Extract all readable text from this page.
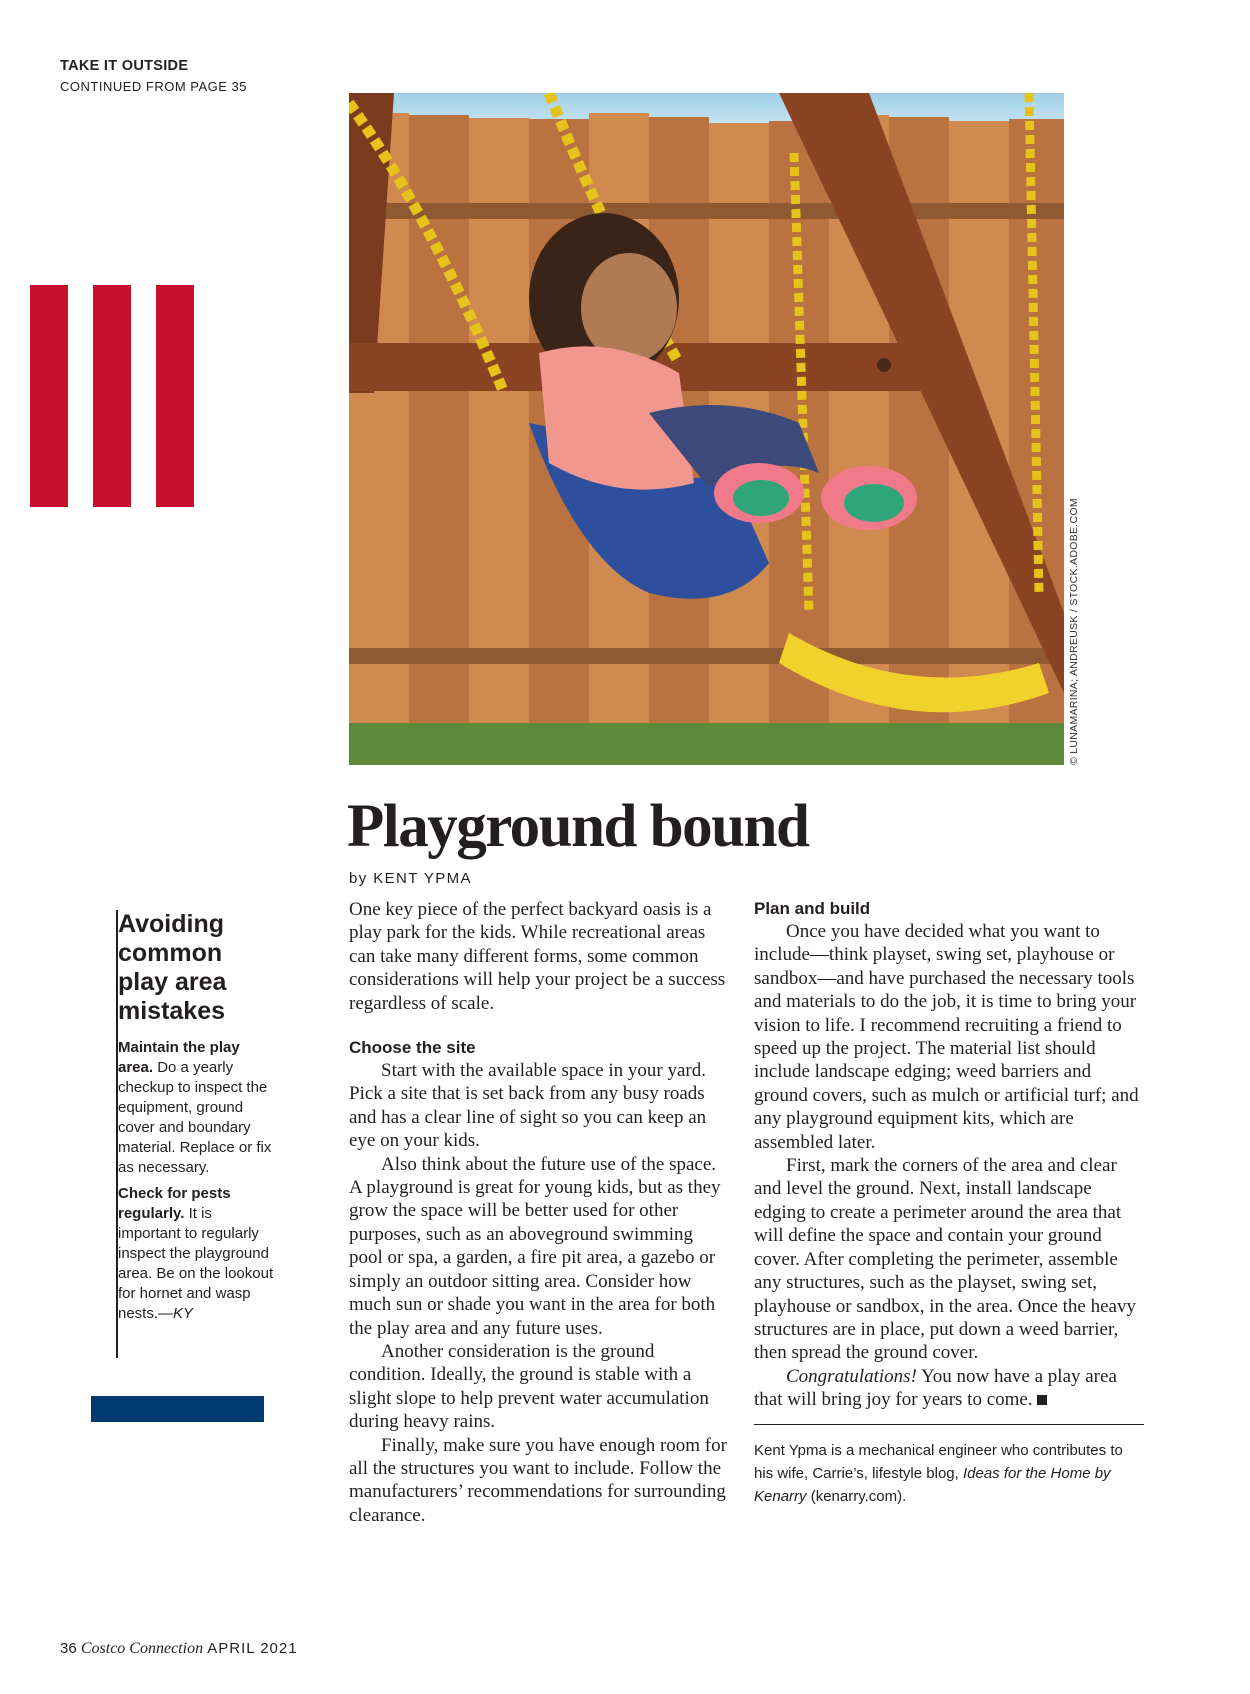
TAKE IT OUTSIDE
CONTINUED FROM PAGE 35
© LUNAMARINA; ANDREUSK / STOCK.ADOBE.COM
Playground bound
by KENT YPMA
Avoiding common play area mistakes

Maintain the play area. Do a yearly checkup to inspect the equipment, ground cover and boundary material. Replace or fix as necessary.

Check for pests regularly. It is important to regularly inspect the playground area. Be on the lookout for hornet and wasp nests.—KY

One key piece of the perfect backyard oasis is a play park for the kids. While recreational areas can take many different forms, some common considerations will help your project be a success regardless of scale.

Choose the site

Start with the available space in your yard. Pick a site that is set back from any busy roads and has a clear line of sight so you can keep an eye on your kids.

Also think about the future use of the space. A playground is great for young kids, but as they grow the space will be better used for other purposes, such as an aboveground swimming pool or spa, a garden, a fire pit area, a gazebo or simply an outdoor sitting area. Consider how much sun or shade you want in the area for both the play area and any future uses.

Another consideration is the ground condition. Ideally, the ground is stable with a slight slope to help prevent water accumulation during heavy rains.

Finally, make sure you have enough room for all the structures you want to include. Follow the manufacturers’ recommendations for surrounding clearance.

Plan and build

Once you have decided what you want to include—think playset, swing set, playhouse or sandbox—and have purchased the necessary tools and materials to do the job, it is time to bring your vision to life. I recommend recruiting a friend to speed up the project. The material list should include landscape edging; weed barriers and ground covers, such as mulch or artificial turf; and any playground equipment kits, which are assembled later.

First, mark the corners of the area and clear and level the ground. Next, install landscape edging to create a perimeter around the area that will define the space and contain your ground cover. After completing the perimeter, assemble any structures, such as the playset, swing set, playhouse or sandbox, in the area. Once the heavy structures are in place, put down a weed barrier, then spread the ground cover.

Congratulations! You now have a play area that will bring joy for years to come.

Kent Ypma is a mechanical engineer who contributes to his wife, Carrie’s, lifestyle blog, Ideas for the Home by Kenarry (kenarry.com).

36 Costco Connection APRIL 2021
